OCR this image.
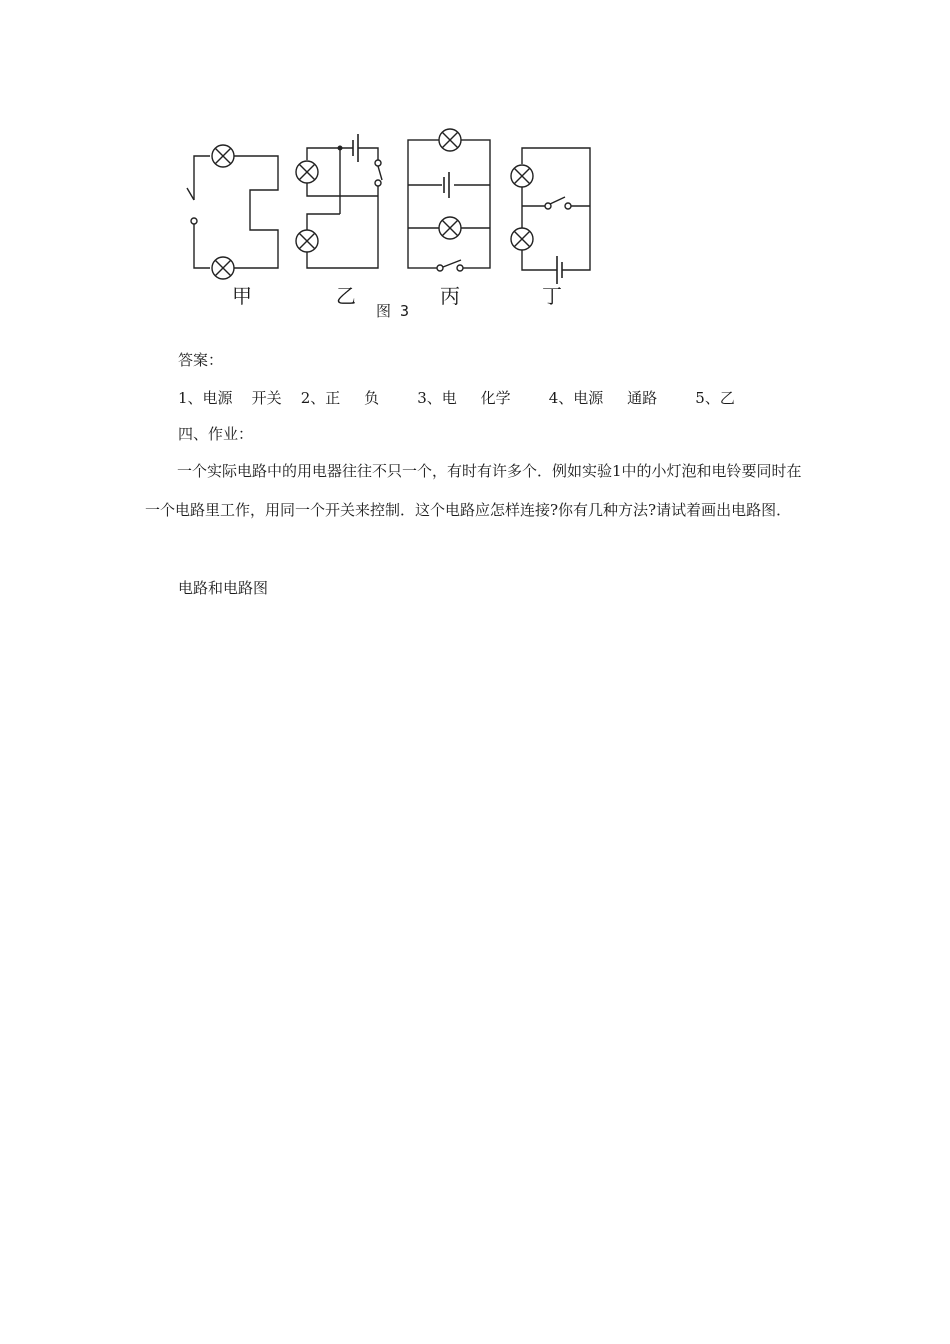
甲	乙	丙	丁
图 3
答案：
1、电源    开关    2、正     负        3、电     化学        4、电源     通路        5、乙
四、作业：
一个实际电路中的用电器往往不只一个，有时有许多个．例如实验1中的小灯泡和电铃要同时在一个电路里工作，用同一个开关来控制．这个电路应怎样连接?你有几种方法?请试着画出电路图．
电路和电路图
